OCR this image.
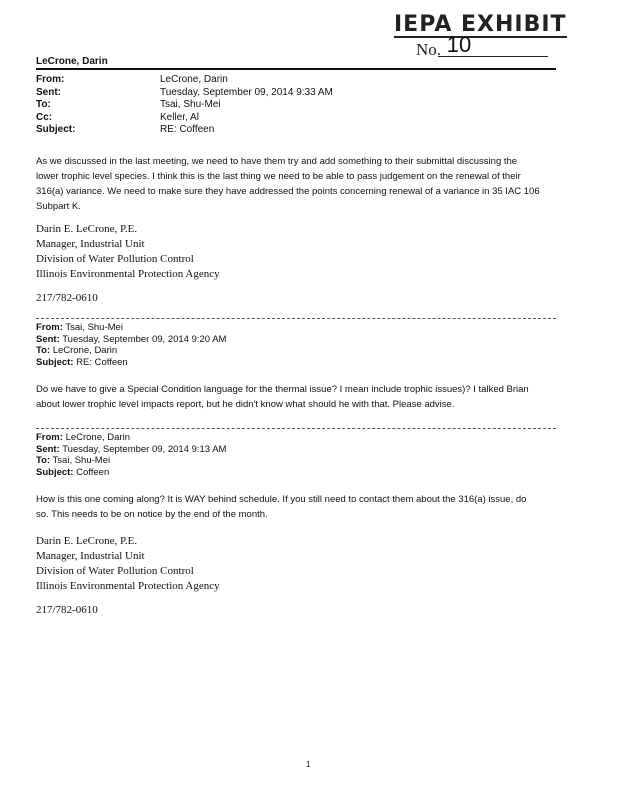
IEPA EXHIBIT
No. 10
LeCrone, Darin
From:	LeCrone, Darin
Sent:	Tuesday, September 09, 2014 9:33 AM
To:	Tsai, Shu-Mei
Cc:	Keller, Al
Subject:	RE: Coffeen
As we discussed in the last meeting, we need to have them try and add something to their submittal discussing the
lower trophic level species. I think this is the last thing we need to be able to pass judgement on the renewal of their
316(a) variance. We need to make sure they have addressed the points concerning renewal of a variance in 35 IAC 106
Subpart K.
Darin E. LeCrone, P.E.
Manager, Industrial Unit
Division of Water Pollution Control
Illinois Environmental Protection Agency
217/782-0610
From: Tsai, Shu-Mei
Sent: Tuesday, September 09, 2014 9:20 AM
To: LeCrone, Darin
Subject: RE: Coffeen
Do we have to give a Special Condition language for the thermal issue? I mean include trophic issues)? I talked Brian
about lower trophic level impacts report, but he didn't know what should he with that. Please advise.
From: LeCrone, Darin
Sent: Tuesday, September 09, 2014 9:13 AM
To: Tsai, Shu-Mei
Subject: Coffeen
How is this one coming along? It is WAY behind schedule. If you still need to contact them about the 316(a) issue, do
so. This needs to be on notice by the end of the month.
Darin E. LeCrone, P.E.
Manager, Industrial Unit
Division of Water Pollution Control
Illinois Environmental Protection Agency
217/782-0610
1
